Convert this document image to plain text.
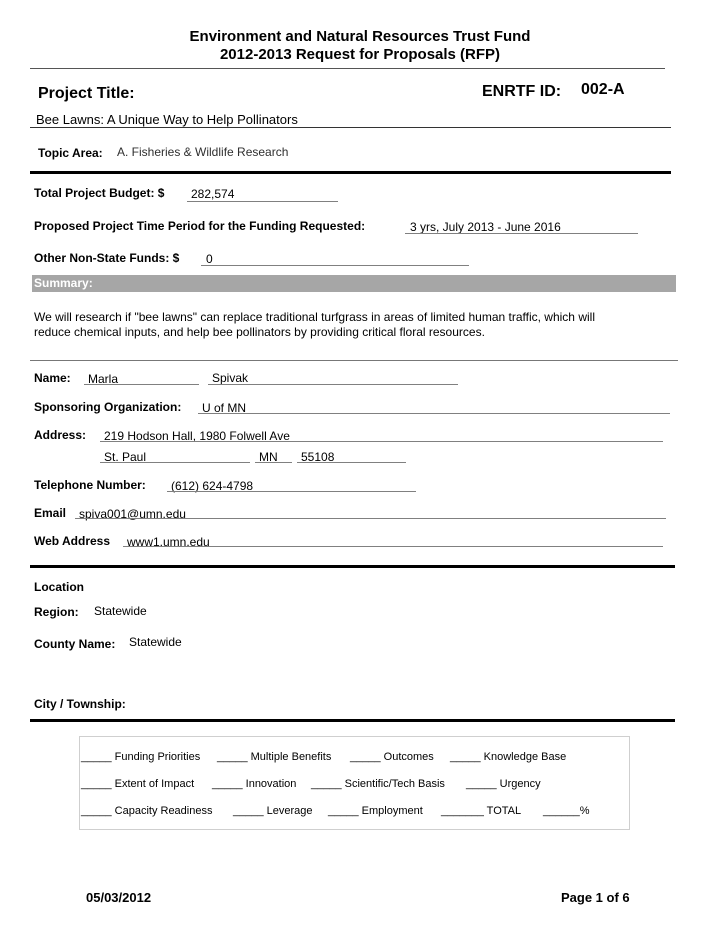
Environment and Natural Resources Trust Fund
2012-2013 Request for Proposals (RFP)
Project Title:	ENRTF ID: 002-A
Bee Lawns: A Unique Way to Help Pollinators
Topic Area: A. Fisheries & Wildlife Research
Total Project Budget: $ 282,574
Proposed Project Time Period for the Funding Requested:	3 yrs, July 2013 - June 2016
Other Non-State Funds: $ 0
Summary:
We will research if "bee lawns" can replace traditional turfgrass in areas of limited human traffic, which will
reduce chemical inputs, and help bee pollinators by providing critical floral resources.
Name: Marla	Spivak
Sponsoring Organization: U of MN
Address: 219 Hodson Hall, 1980 Folwell Ave
St. Paul	MN 55108
Telephone Number: (612) 624-4798
Email spiva001@umn.edu
Web Address www1.umn.edu
Location
Region: Statewide
County Name: Statewide
City / Township:
_____ Funding Priorities _____ Multiple Benefits _____ Outcomes _____ Knowledge Base
_____ Extent of Impact _____ Innovation _____ Scientific/Tech Basis _____ Urgency
_____ Capacity Readiness _____ Leverage _____ Employment _______ TOTAL ______%
05/03/2012	Page 1 of 6
